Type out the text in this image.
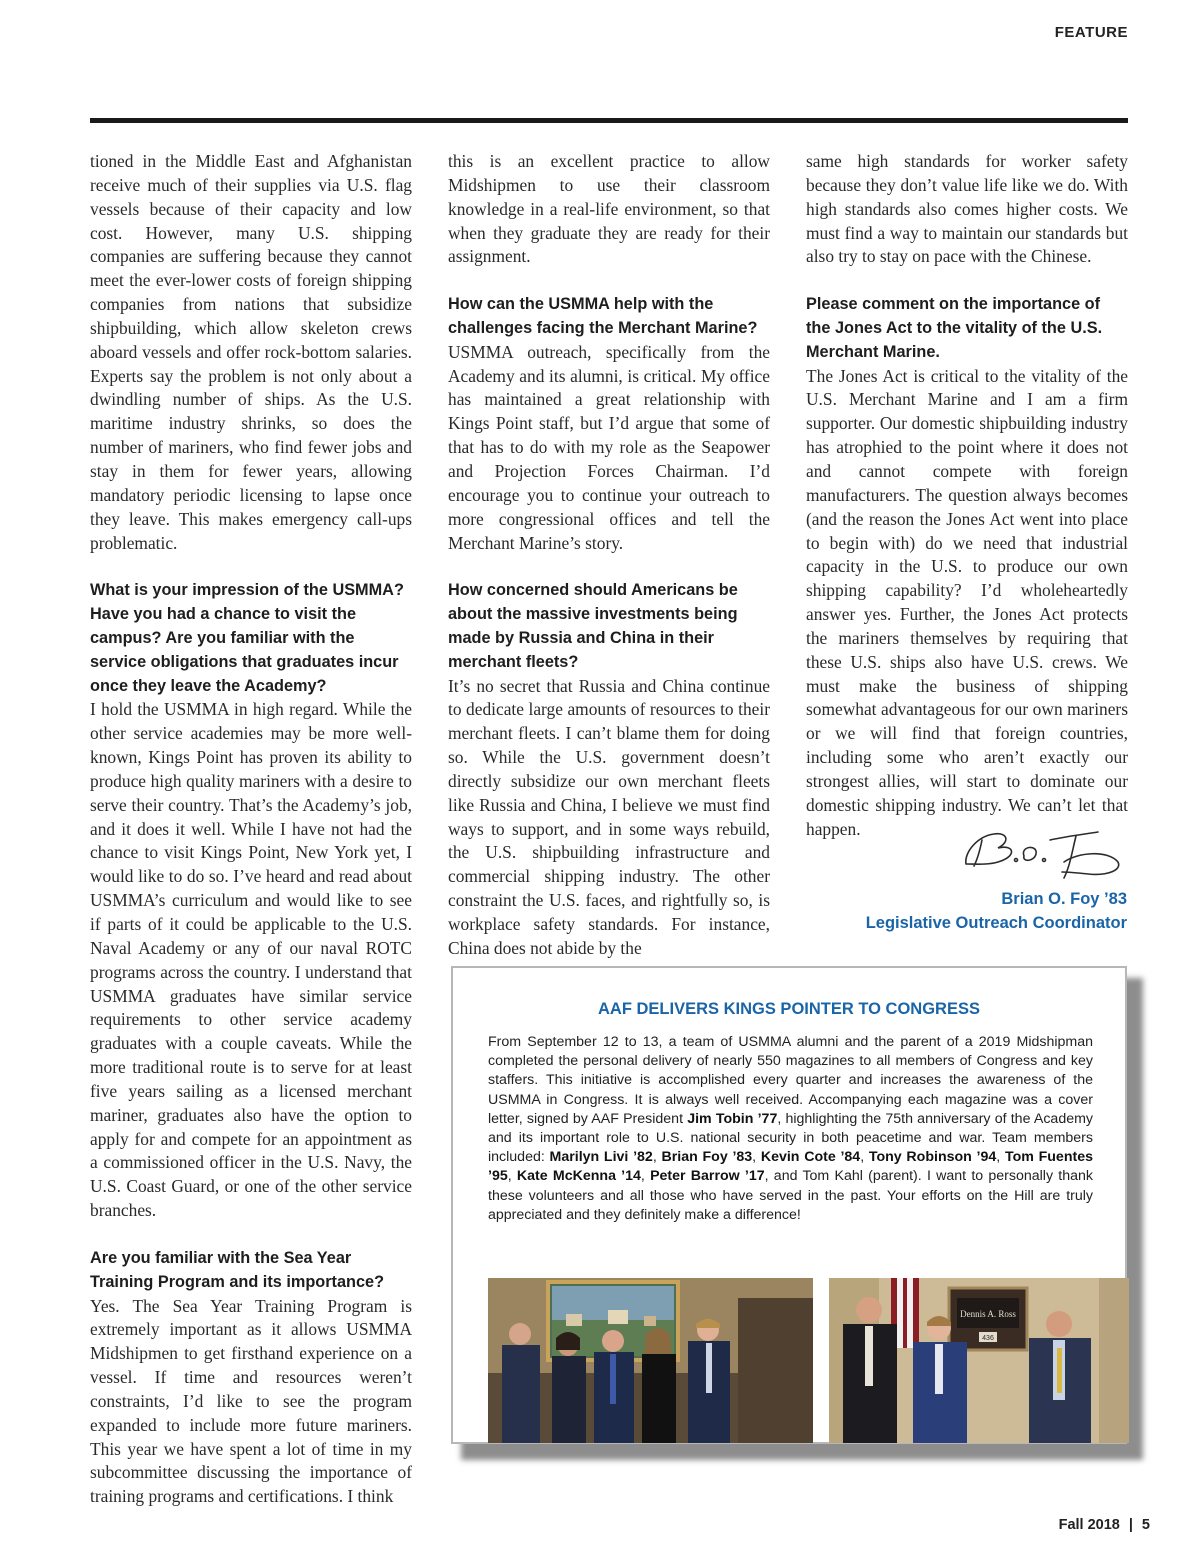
FEATURE

tioned in the Middle East and Afghanistan receive much of their supplies via U.S. flag vessels because of their capacity and low cost. However, many U.S. shipping companies are suffering because they cannot meet the ever-lower costs of foreign shipping companies from nations that subsidize shipbuilding, which allow skeleton crews aboard vessels and offer rock-bottom salaries. Experts say the problem is not only about a dwindling number of ships. As the U.S. maritime industry shrinks, so does the number of mariners, who find fewer jobs and stay in them for fewer years, allowing mandatory periodic licensing to lapse once they leave. This makes emergency call-ups problematic.

What is your impression of the USMMA? Have you had a chance to visit the campus? Are you familiar with the service obligations that graduates incur once they leave the Academy?

I hold the USMMA in high regard. While the other service academies may be more well-known, Kings Point has proven its ability to produce high quality mariners with a desire to serve their country. That’s the Academy’s job, and it does it well. While I have not had the chance to visit Kings Point, New York yet, I would like to do so. I’ve heard and read about USMMA’s curriculum and would like to see if parts of it could be applicable to the U.S. Naval Academy or any of our naval ROTC programs across the country. I understand that USMMA graduates have similar service requirements to other service academy graduates with a couple caveats. While the more traditional route is to serve for at least five years sailing as a licensed merchant mariner, graduates also have the option to apply for and compete for an appointment as a commissioned officer in the U.S. Navy, the U.S. Coast Guard, or one of the other service branches.

Are you familiar with the Sea Year Training Program and its importance?

Yes. The Sea Year Training Program is extremely important as it allows USMMA Midshipmen to get firsthand experience on a vessel. If time and resources weren’t constraints, I’d like to see the program expanded to include more future mariners. This year we have spent a lot of time in my subcommittee discussing the importance of training programs and certifications. I think

this is an excellent practice to allow Midshipmen to use their classroom knowledge in a real-life environment, so that when they graduate they are ready for their assignment.

How can the USMMA help with the challenges facing the Merchant Marine?

USMMA outreach, specifically from the Academy and its alumni, is critical. My office has maintained a great relationship with Kings Point staff, but I’d argue that some of that has to do with my role as the Seapower and Projection Forces Chairman. I’d encourage you to continue your outreach to more congressional offices and tell the Merchant Marine’s story.

How concerned should Americans be about the massive investments being made by Russia and China in their merchant fleets?

It’s no secret that Russia and China continue to dedicate large amounts of resources to their merchant fleets. I can’t blame them for doing so. While the U.S. government doesn’t directly subsidize our own merchant fleets like Russia and China, I believe we must find ways to support, and in some ways rebuild, the U.S. shipbuilding infrastructure and commercial shipping industry. The other constraint the U.S. faces, and rightfully so, is workplace safety standards. For instance, China does not abide by the

same high standards for worker safety because they don’t value life like we do. With high standards also comes higher costs. We must find a way to maintain our standards but also try to stay on pace with the Chinese.

Please comment on the importance of the Jones Act to the vitality of the U.S. Merchant Marine.

The Jones Act is critical to the vitality of the U.S. Merchant Marine and I am a firm supporter. Our domestic shipbuilding industry has atrophied to the point where it does not and cannot compete with foreign manufacturers. The question always becomes (and the reason the Jones Act went into place to begin with) do we need that industrial capacity in the U.S. to produce our own shipping capability? I’d wholeheartedly answer yes. Further, the Jones Act protects the mariners themselves by requiring that these U.S. ships also have U.S. crews. We must make the business of shipping somewhat advantageous for our own mariners or we will find that foreign countries, including some who aren’t exactly our strongest allies, will start to dominate our domestic shipping industry. We can’t let that happen.

Brian O. Foy ’83
Legislative Outreach Coordinator
AAF DELIVERS KINGS POINTER TO CONGRESS
From September 12 to 13, a team of USMMA alumni and the parent of a 2019 Midshipman completed the personal delivery of nearly 550 magazines to all members of Congress and key staffers. This initiative is accomplished every quarter and increases the awareness of the USMMA in Congress. It is always well received. Accompanying each magazine was a cover letter, signed by AAF President Jim Tobin ’77, highlighting the 75th anniversary of the Academy and its important role to U.S. national security in both peacetime and war. Team members included: Marilyn Livi ’82, Brian Foy ’83, Kevin Cote ’84, Tony Robinson ’94, Tom Fuentes ’95, Kate McKenna ’14, Peter Barrow ’17, and Tom Kahl (parent). I want to personally thank these volunteers and all those who have served in the past. Your efforts on the Hill are truly appreciated and they definitely make a difference!
Dennis A. Ross
436
Fall 2018 | 5
